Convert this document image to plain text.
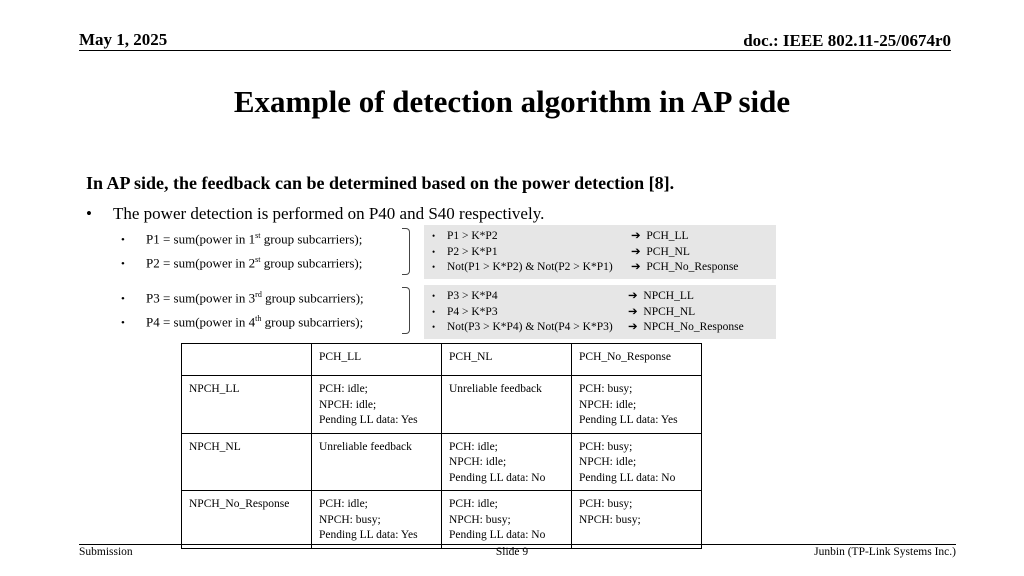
May 1, 2025	doc.: IEEE 802.11-25/0674r0
Example of detection algorithm in AP side
In AP side, the feedback can be determined based on the power detection [8].
• The power detection is performed on P40 and S40 respectively.
• P1 = sum(power in 1st group subcarriers);
• P2 = sum(power in 2st group subcarriers);
• P3 = sum(power in 3rd group subcarriers);
• P4 = sum(power in 4th group subcarriers);
• P1 > K*P2	➔ PCH_LL
• P2 > K*P1	➔ PCH_NL
• Not(P1 > K*P2) & Not(P2 > K*P1) ➔ PCH_No_Response
• P3 > K*P4	➔ NPCH_LL
• P4 > K*P3	➔ NPCH_NL
• Not(P3 > K*P4) & Not(P4 > K*P3) ➔ NPCH_No_Response
	PCH_LL	PCH_NL	PCH_No_Response
NPCH_LL	PCH: idle;
NPCH: idle;
Pending LL data: Yes	Unreliable feedback	PCH: busy;
NPCH: idle;
Pending LL data: Yes
NPCH_NL	Unreliable feedback	PCH: idle;
NPCH: idle;
Pending LL data: No	PCH: busy;
NPCH: idle;
Pending LL data: No
NPCH_No_Response	PCH: idle;
NPCH: busy;
Pending LL data: Yes	PCH: idle;
NPCH: busy;
Pending LL data: No	PCH: busy;
NPCH: busy;
Submission	Slide 9	Junbin (TP-Link Systems Inc.)
